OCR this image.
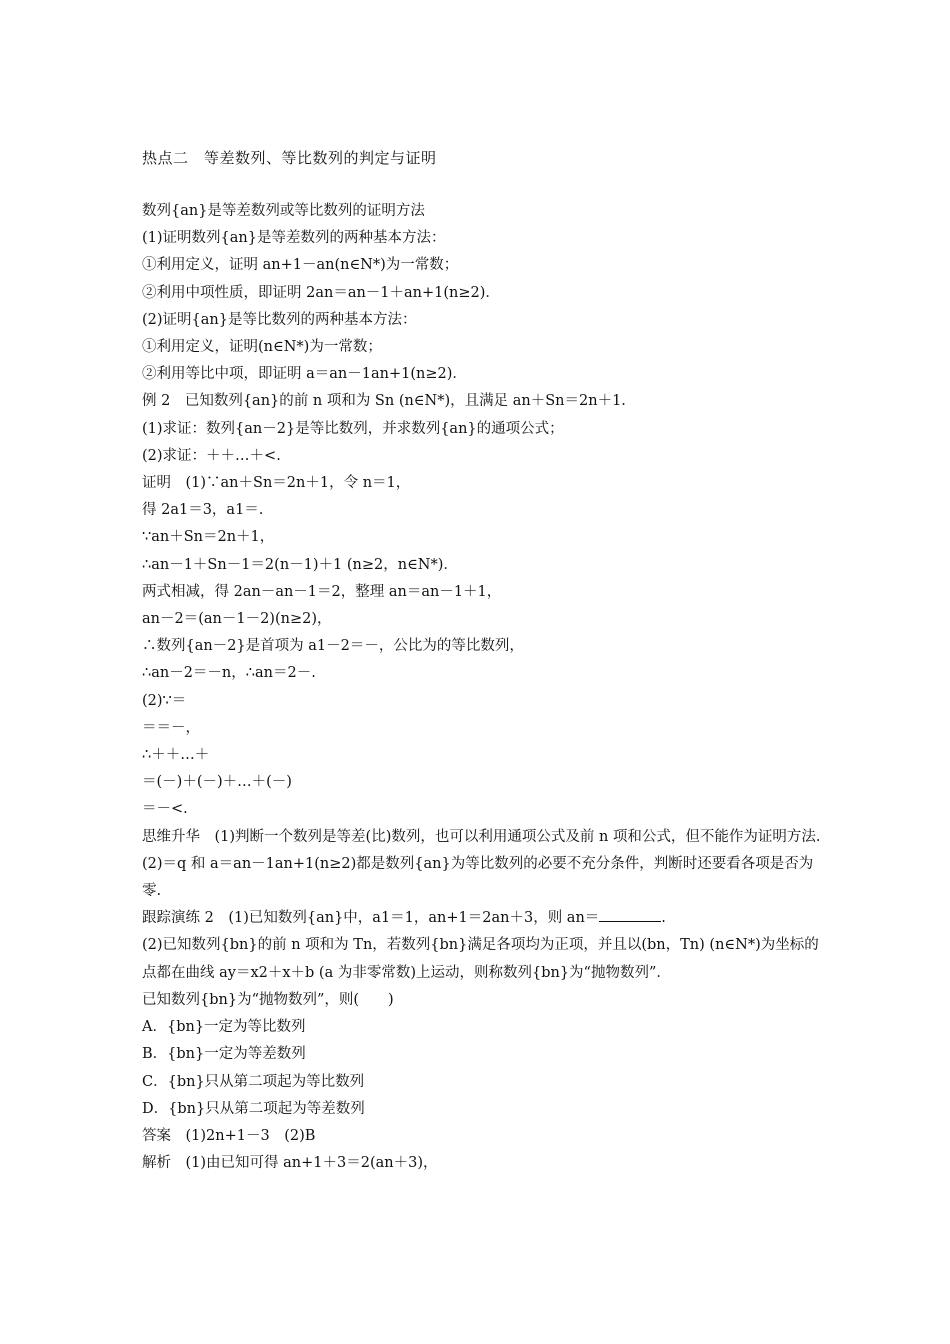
热点二　等差数列、等比数列的判定与证明
数列{an}是等差数列或等比数列的证明方法
(1)证明数列{an}是等差数列的两种基本方法：
①利用定义，证明 an+1－an(n∈N*)为一常数；
②利用中项性质，即证明 2an＝an－1＋an+1(n≥2)．
(2)证明{an}是等比数列的两种基本方法：
①利用定义，证明(n∈N*)为一常数；
②利用等比中项，即证明 a＝an－1an+1(n≥2)．
例 2　已知数列{an}的前 n 项和为 Sn (n∈N*)，且满足 an＋Sn＝2n＋1.
(1)求证：数列{an－2}是等比数列，并求数列{an}的通项公式；
(2)求证：＋＋…＋<.
证明　(1)∵an＋Sn＝2n＋1，令 n＝1，
得 2a1＝3，a1＝.
∵an＋Sn＝2n＋1，
∴an－1＋Sn－1＝2(n－1)＋1 (n≥2，n∈N*)．
两式相减，得 2an－an－1＝2，整理 an＝an－1＋1，
an－2＝(an－1－2)(n≥2)，
∴数列{an－2}是首项为 a1－2＝－，公比为的等比数列，
∴an－2＝－n，∴an＝2－.
(2)∵＝
＝＝－，
∴＋＋…＋
＝(－)＋(－)＋…＋(－)
＝－<.
思维升华　(1)判断一个数列是等差(比)数列，也可以利用通项公式及前 n 项和公式，但不能作为证明方法.
(2)＝q 和 a＝an－1an+1(n≥2)都是数列{an}为等比数列的必要不充分条件，判断时还要看各项是否为零.
跟踪演练 2　(1)已知数列{an}中，a1＝1，an+1＝2an＋3，则 an＝	.
(2)已知数列{bn}的前 n 项和为 Tn，若数列{bn}满足各项均为正项，并且以(bn，Tn) (n∈N*)为坐标的点都在曲线 ay＝x2＋x＋b (a 为非零常数)上运动，则称数列{bn}为“抛物数列”．
已知数列{bn}为“抛物数列”，则(　　)
A．{bn}一定为等比数列
B．{bn}一定为等差数列
C．{bn}只从第二项起为等比数列
D．{bn}只从第二项起为等差数列
答案　(1)2n+1－3　(2)B
解析　(1)由已知可得 an+1＋3＝2(an＋3)，
